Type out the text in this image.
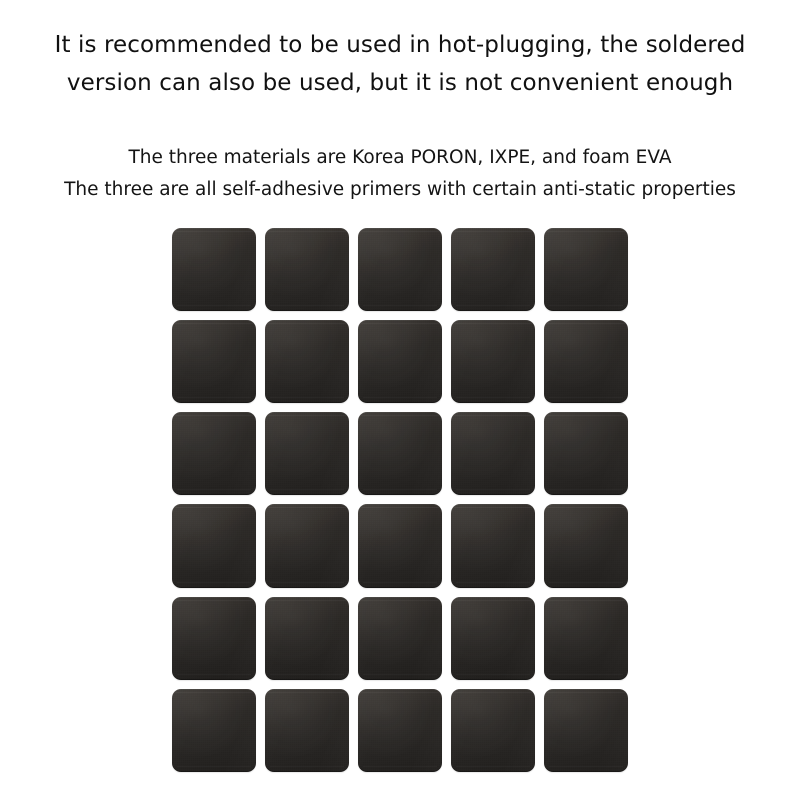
It is recommended to be used in hot-plugging, the soldered
version can also be used, but it is not convenient enough
The three materials are Korea PORON, IXPE, and foam EVA
The three are all self-adhesive primers with certain anti-static properties
